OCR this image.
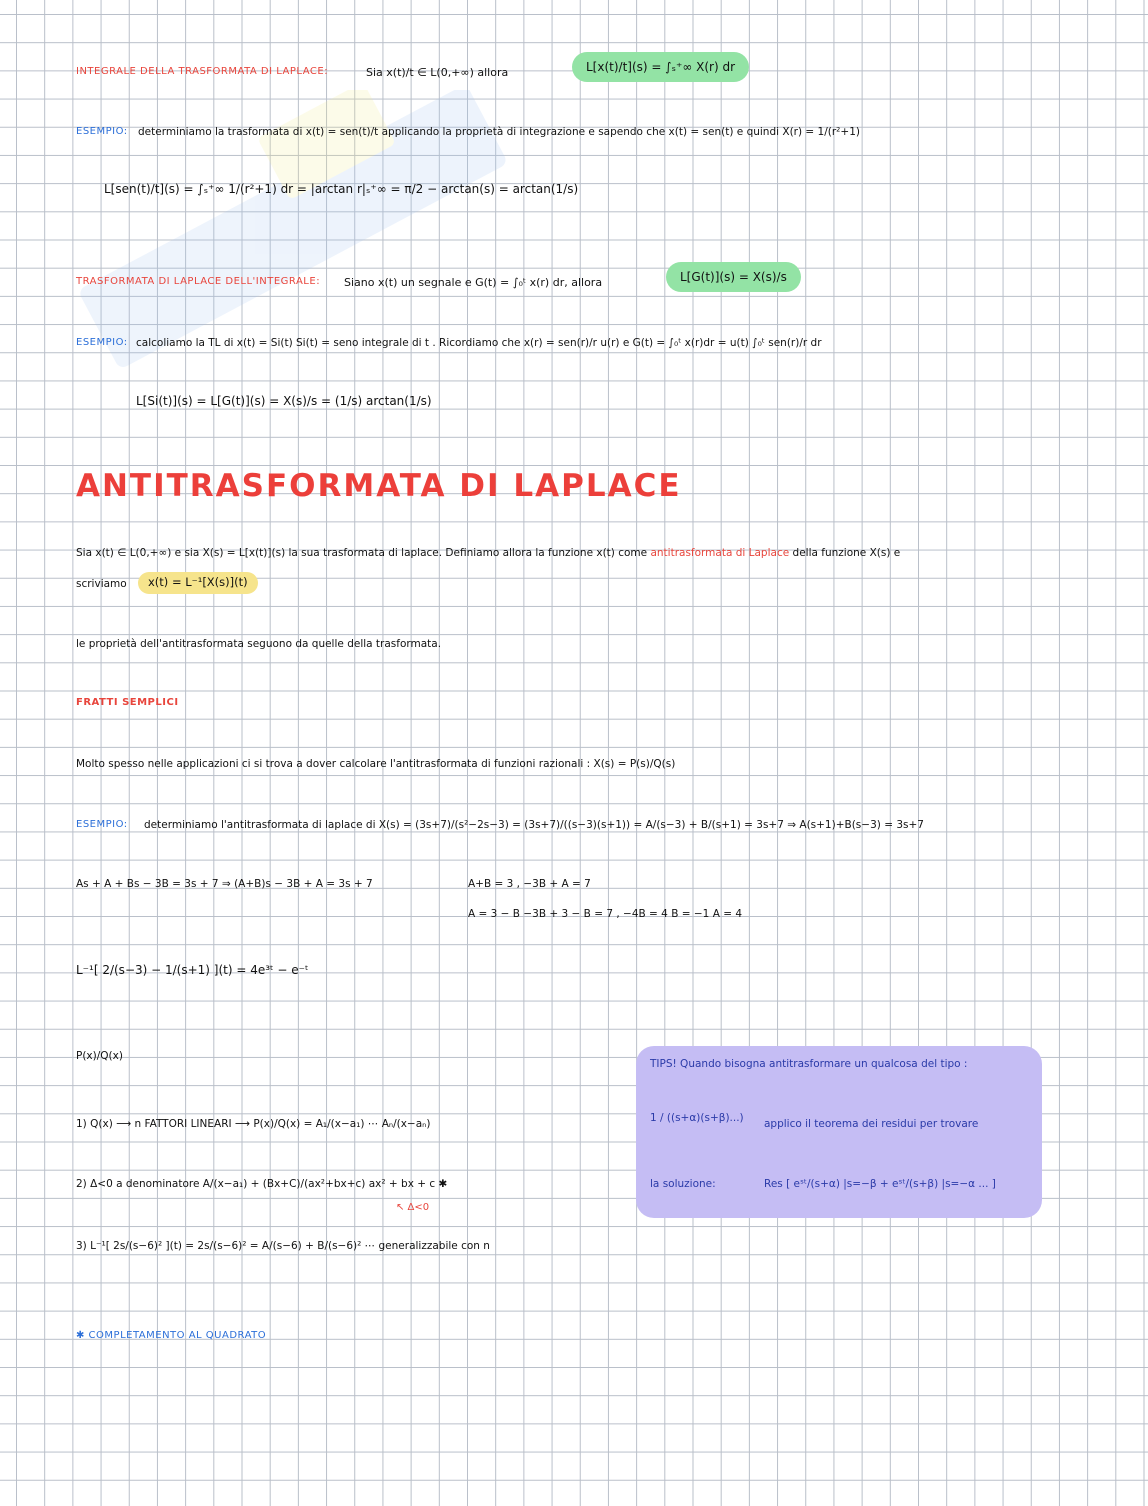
INTEGRALE DELLA TRASFORMATA DI LAPLACE:	Sia x(t)/t ∈ L(0,+∞) allora	L[x(t)/t](s) = ∫ₛ⁺∞ X(r) dr
ESEMPIO: determiniamo la trasformata di x(t) = sen(t)/t applicando la proprietà di integrazione e sapendo che x(t) = sen(t) e quindi X(r) = 1/(r²+1)
L[sen(t)/t](s) = ∫ₛ⁺∞ 1/(r²+1) dr = |arctan r|ₛ⁺∞ = π/2 − arctan(s) = arctan(1/s)
TRASFORMATA DI LAPLACE DELL'INTEGRALE: Siano x(t) un segnale e G(t) = ∫₀ᵗ x(r) dr, allora	L[G(t)](s) = X(s)/s
ESEMPIO: calcoliamo la TL di x(t) = Si(t) Si(t) = seno integrale di t . Ricordiamo che x(r) = sen(r)/r u(r) e G(t) = ∫₀ᵗ x(r)dr = u(t) ∫₀ᵗ sen(r)/r dr
L[Si(t)](s) = L[G(t)](s) = X(s)/s = (1/s) arctan(1/s)
ANTITRASFORMATA DI LAPLACE
Sia x(t) ∈ L(0,+∞) e sia X(s) = L[x(t)](s) la sua trasformata di laplace. Definiamo allora la funzione x(t) come antitrasformata di Laplace della funzione X(s) e
scriviamo	x(t) = L⁻¹[X(s)](t)
le proprietà dell'antitrasformata seguono da quelle della trasformata.
FRATTI SEMPLICI
Molto spesso nelle applicazioni ci si trova a dover calcolare l'antitrasformata di funzioni razionali : X(s) = P(s)/Q(s)
ESEMPIO: determiniamo l'antitrasformata di laplace di X(s) = (3s+7)/(s²−2s−3) = (3s+7)/((s−3)(s+1)) = A/(s−3) + B/(s+1) = 3s+7 ⇒ A(s+1)+B(s−3) = 3s+7
As + A + Bs − 3B = 3s + 7 ⇒ (A+B)s − 3B + A = 3s + 7	A+B = 3 , −3B + A = 7
A = 3 − B −3B + 3 − B = 7 , −4B = 4 B = −1 A = 4
L⁻¹[ 2/(s−3) − 1/(s+1) ](t) = 4e³ᵗ − e⁻ᵗ
P(x)/Q(x)
1) Q(x) ⟶ n FATTORI LINEARI ⟶ P(x)/Q(x) = A₁/(x−a₁) ⋯ Aₙ/(x−aₙ)
2) Δ<0 a denominatore A/(x−a₁) + (Bx+C)/(ax²+bx+c) ax² + bx + c ✱
↖ Δ<0
3) L⁻¹[ 2s/(s−6)² ](t) = 2s/(s−6)² = A/(s−6) + B/(s−6)² ⋯ generalizzabile con n
✱ COMPLETAMENTO AL QUADRATO
TIPS! Quando bisogna antitrasformare un qualcosa del tipo :
1 / ((s+α)(s+β)...) applico il teorema dei residui per trovare
la soluzione:	Res [ eˢᵗ/(s+α) |s=−β + eˢᵗ/(s+β) |s=−α ... ]
